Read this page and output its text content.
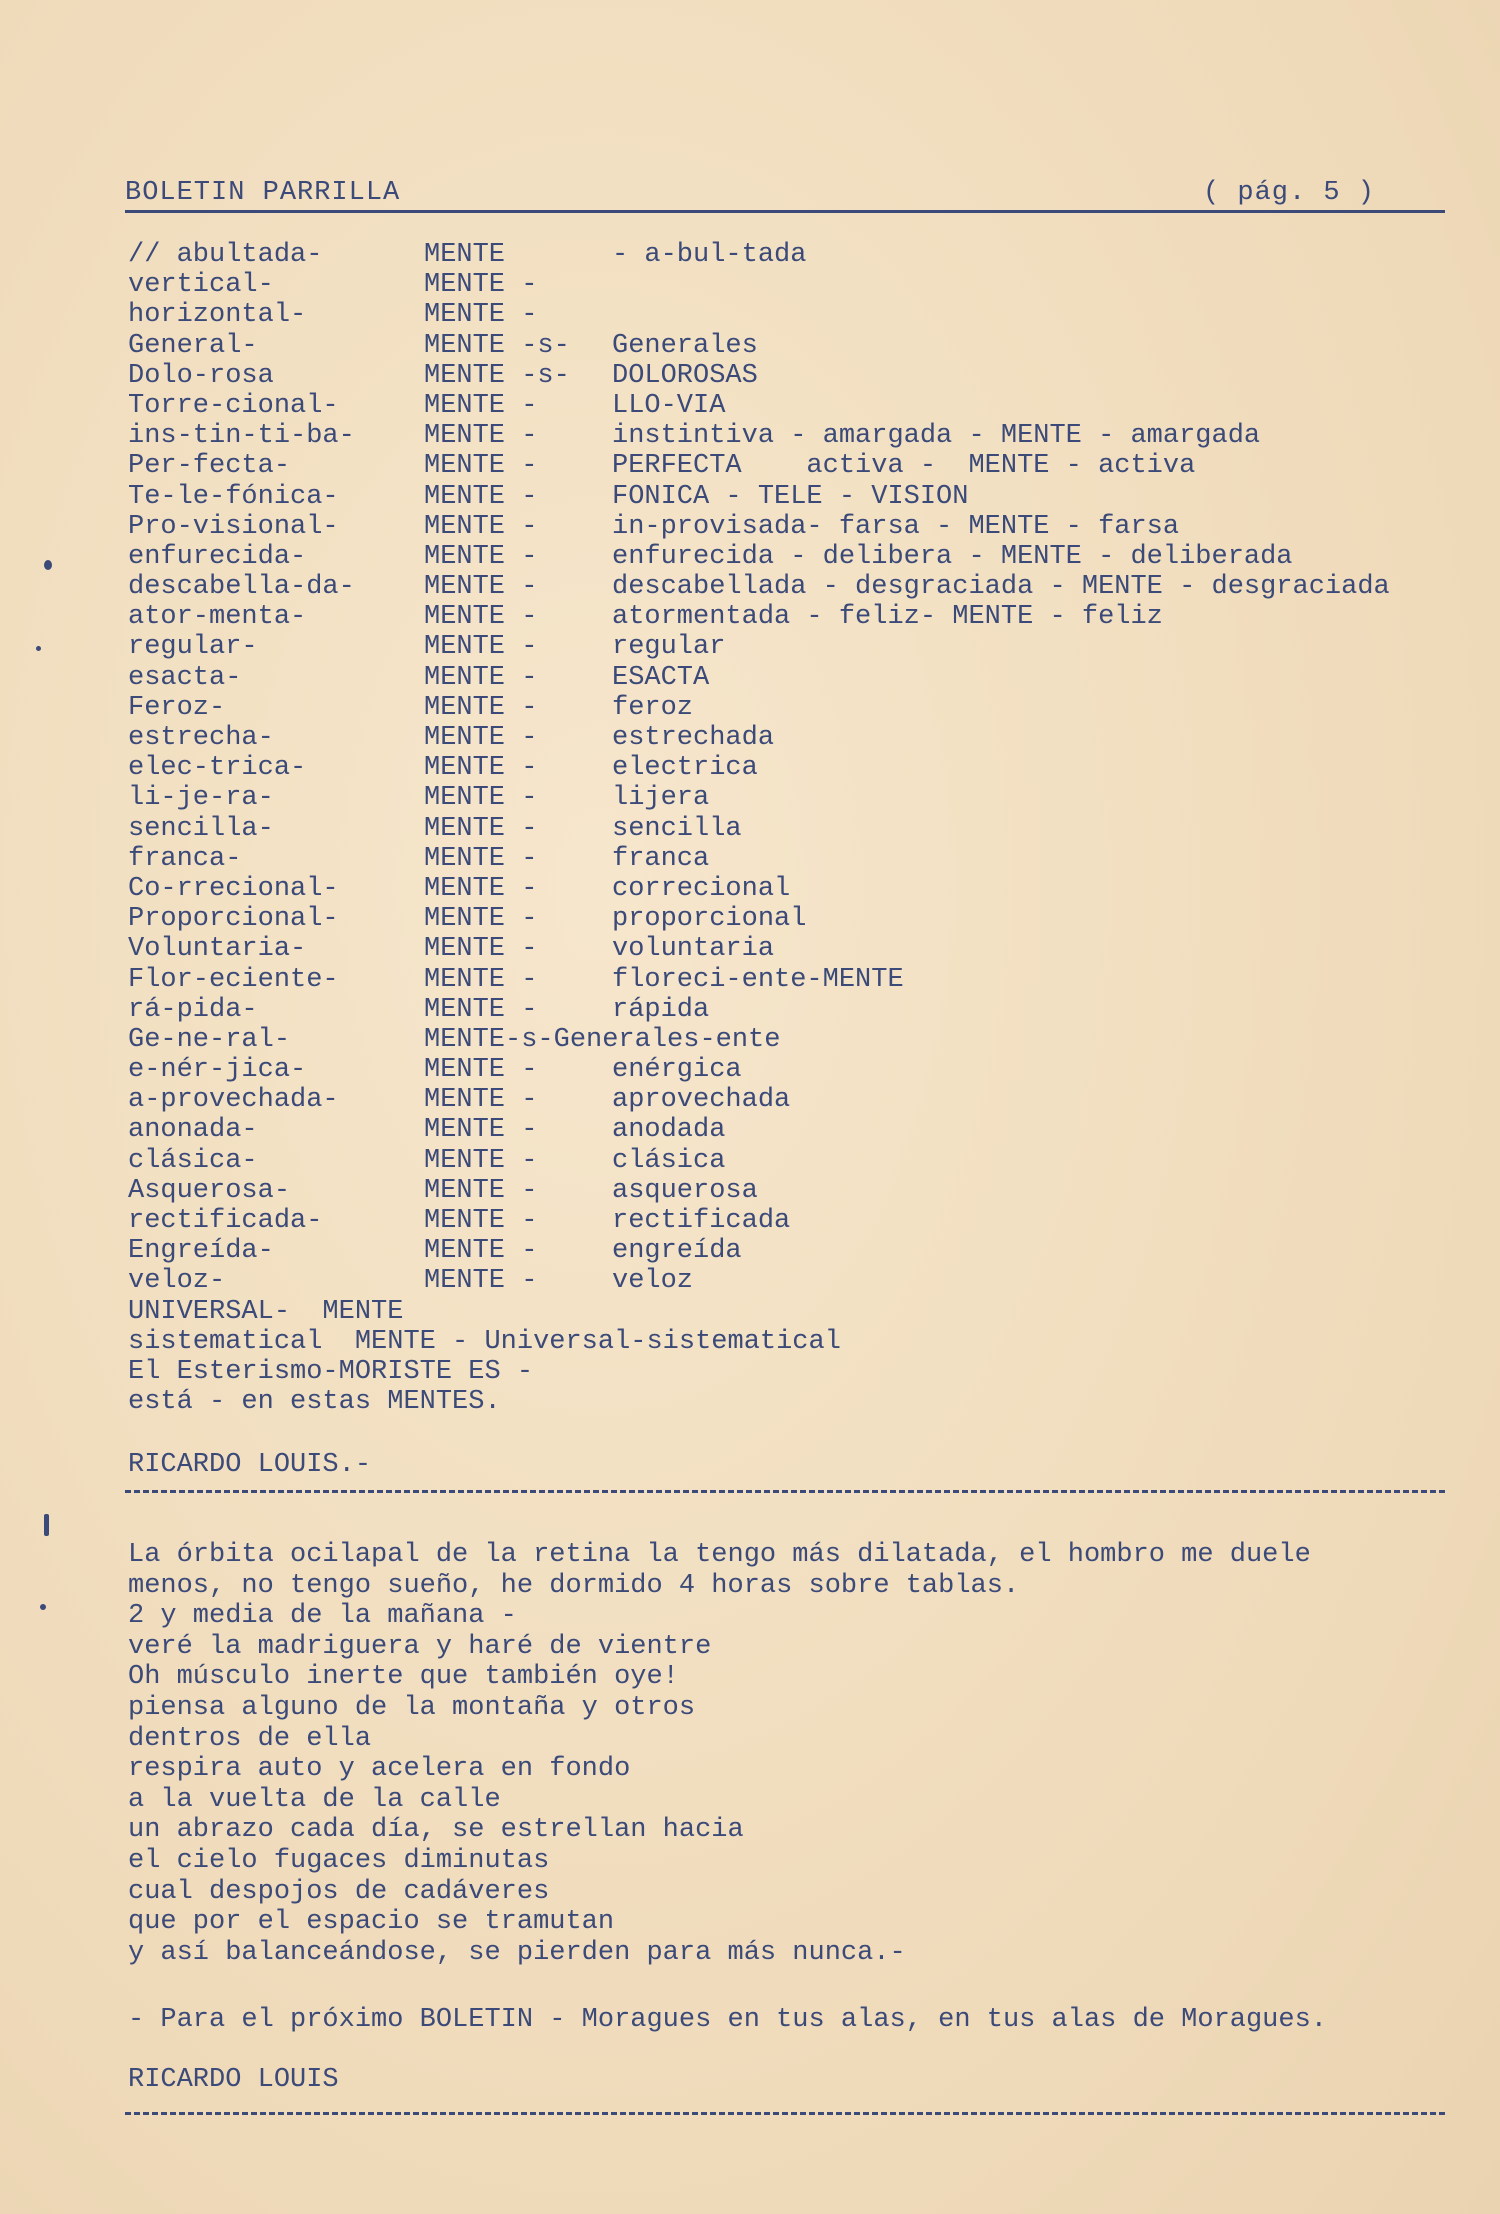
BOLETIN PARRILLA	( pág. 5 )
// abultada-	MENTE	- a-bul-tada
vertical-	MENTE -
horizontal-	MENTE -
General-	MENTE -s- Generales
Dolo-rosa	MENTE -s- DOLOROSAS
Torre-cional-	MENTE -	LLO-VIA
ins-tin-ti-ba-	MENTE -	instintiva - amargada - MENTE - amargada
Per-fecta-	MENTE -	PERFECTA    activa -  MENTE - activa
Te-le-fónica-	MENTE -	FONICA - TELE - VISION
Pro-visional-	MENTE -	in-provisada- farsa - MENTE - farsa
enfurecida-	MENTE -	enfurecida - delibera - MENTE - deliberada
descabella-da-	MENTE -	descabellada - desgraciada - MENTE - desgraciada
ator-menta-	MENTE -	atormentada - feliz- MENTE - feliz
regular-	MENTE -	regular
esacta-	MENTE -	ESACTA
Feroz-	MENTE -	feroz
estrecha-	MENTE -	estrechada
elec-trica-	MENTE -	electrica
li-je-ra-	MENTE -	lijera
sencilla-	MENTE -	sencilla
franca-	MENTE -	franca
Co-rrecional-	MENTE -	correcional
Proporcional-	MENTE -	proporcional
Voluntaria-	MENTE -	voluntaria
Flor-eciente-	MENTE -	floreci-ente-MENTE
rá-pida-	MENTE -	rápida
Ge-ne-ral-	MENTE-s-Generales-ente
e-nér-jica-	MENTE -	enérgica
a-provechada-	MENTE -	aprovechada
anonada-	MENTE -	anodada
clásica-	MENTE -	clásica
Asquerosa-	MENTE -	asquerosa
rectificada-	MENTE -	rectificada
Engreída-	MENTE -	engreída
veloz-	MENTE -	veloz
UNIVERSAL-  MENTE
sistematical  MENTE - Universal-sistematical
El Esterismo-MORISTE ES -
está - en estas MENTES.
RICARDO LOUIS.-
La órbita ocilapal de la retina la tengo más dilatada, el hombro me duele
menos, no tengo sueño, he dormido 4 horas sobre tablas.
2 y media de la mañana -
veré la madriguera y haré de vientre
Oh músculo inerte que también oye!
piensa alguno de la montaña y otros
dentros de ella
respira auto y acelera en fondo
a la vuelta de la calle
un abrazo cada día, se estrellan hacia
el cielo fugaces diminutas
cual despojos de cadáveres
que por el espacio se tramutan
y así balanceándose, se pierden para más nunca.-
- Para el próximo BOLETIN - Moragues en tus alas, en tus alas de Moragues.
RICARDO LOUIS
